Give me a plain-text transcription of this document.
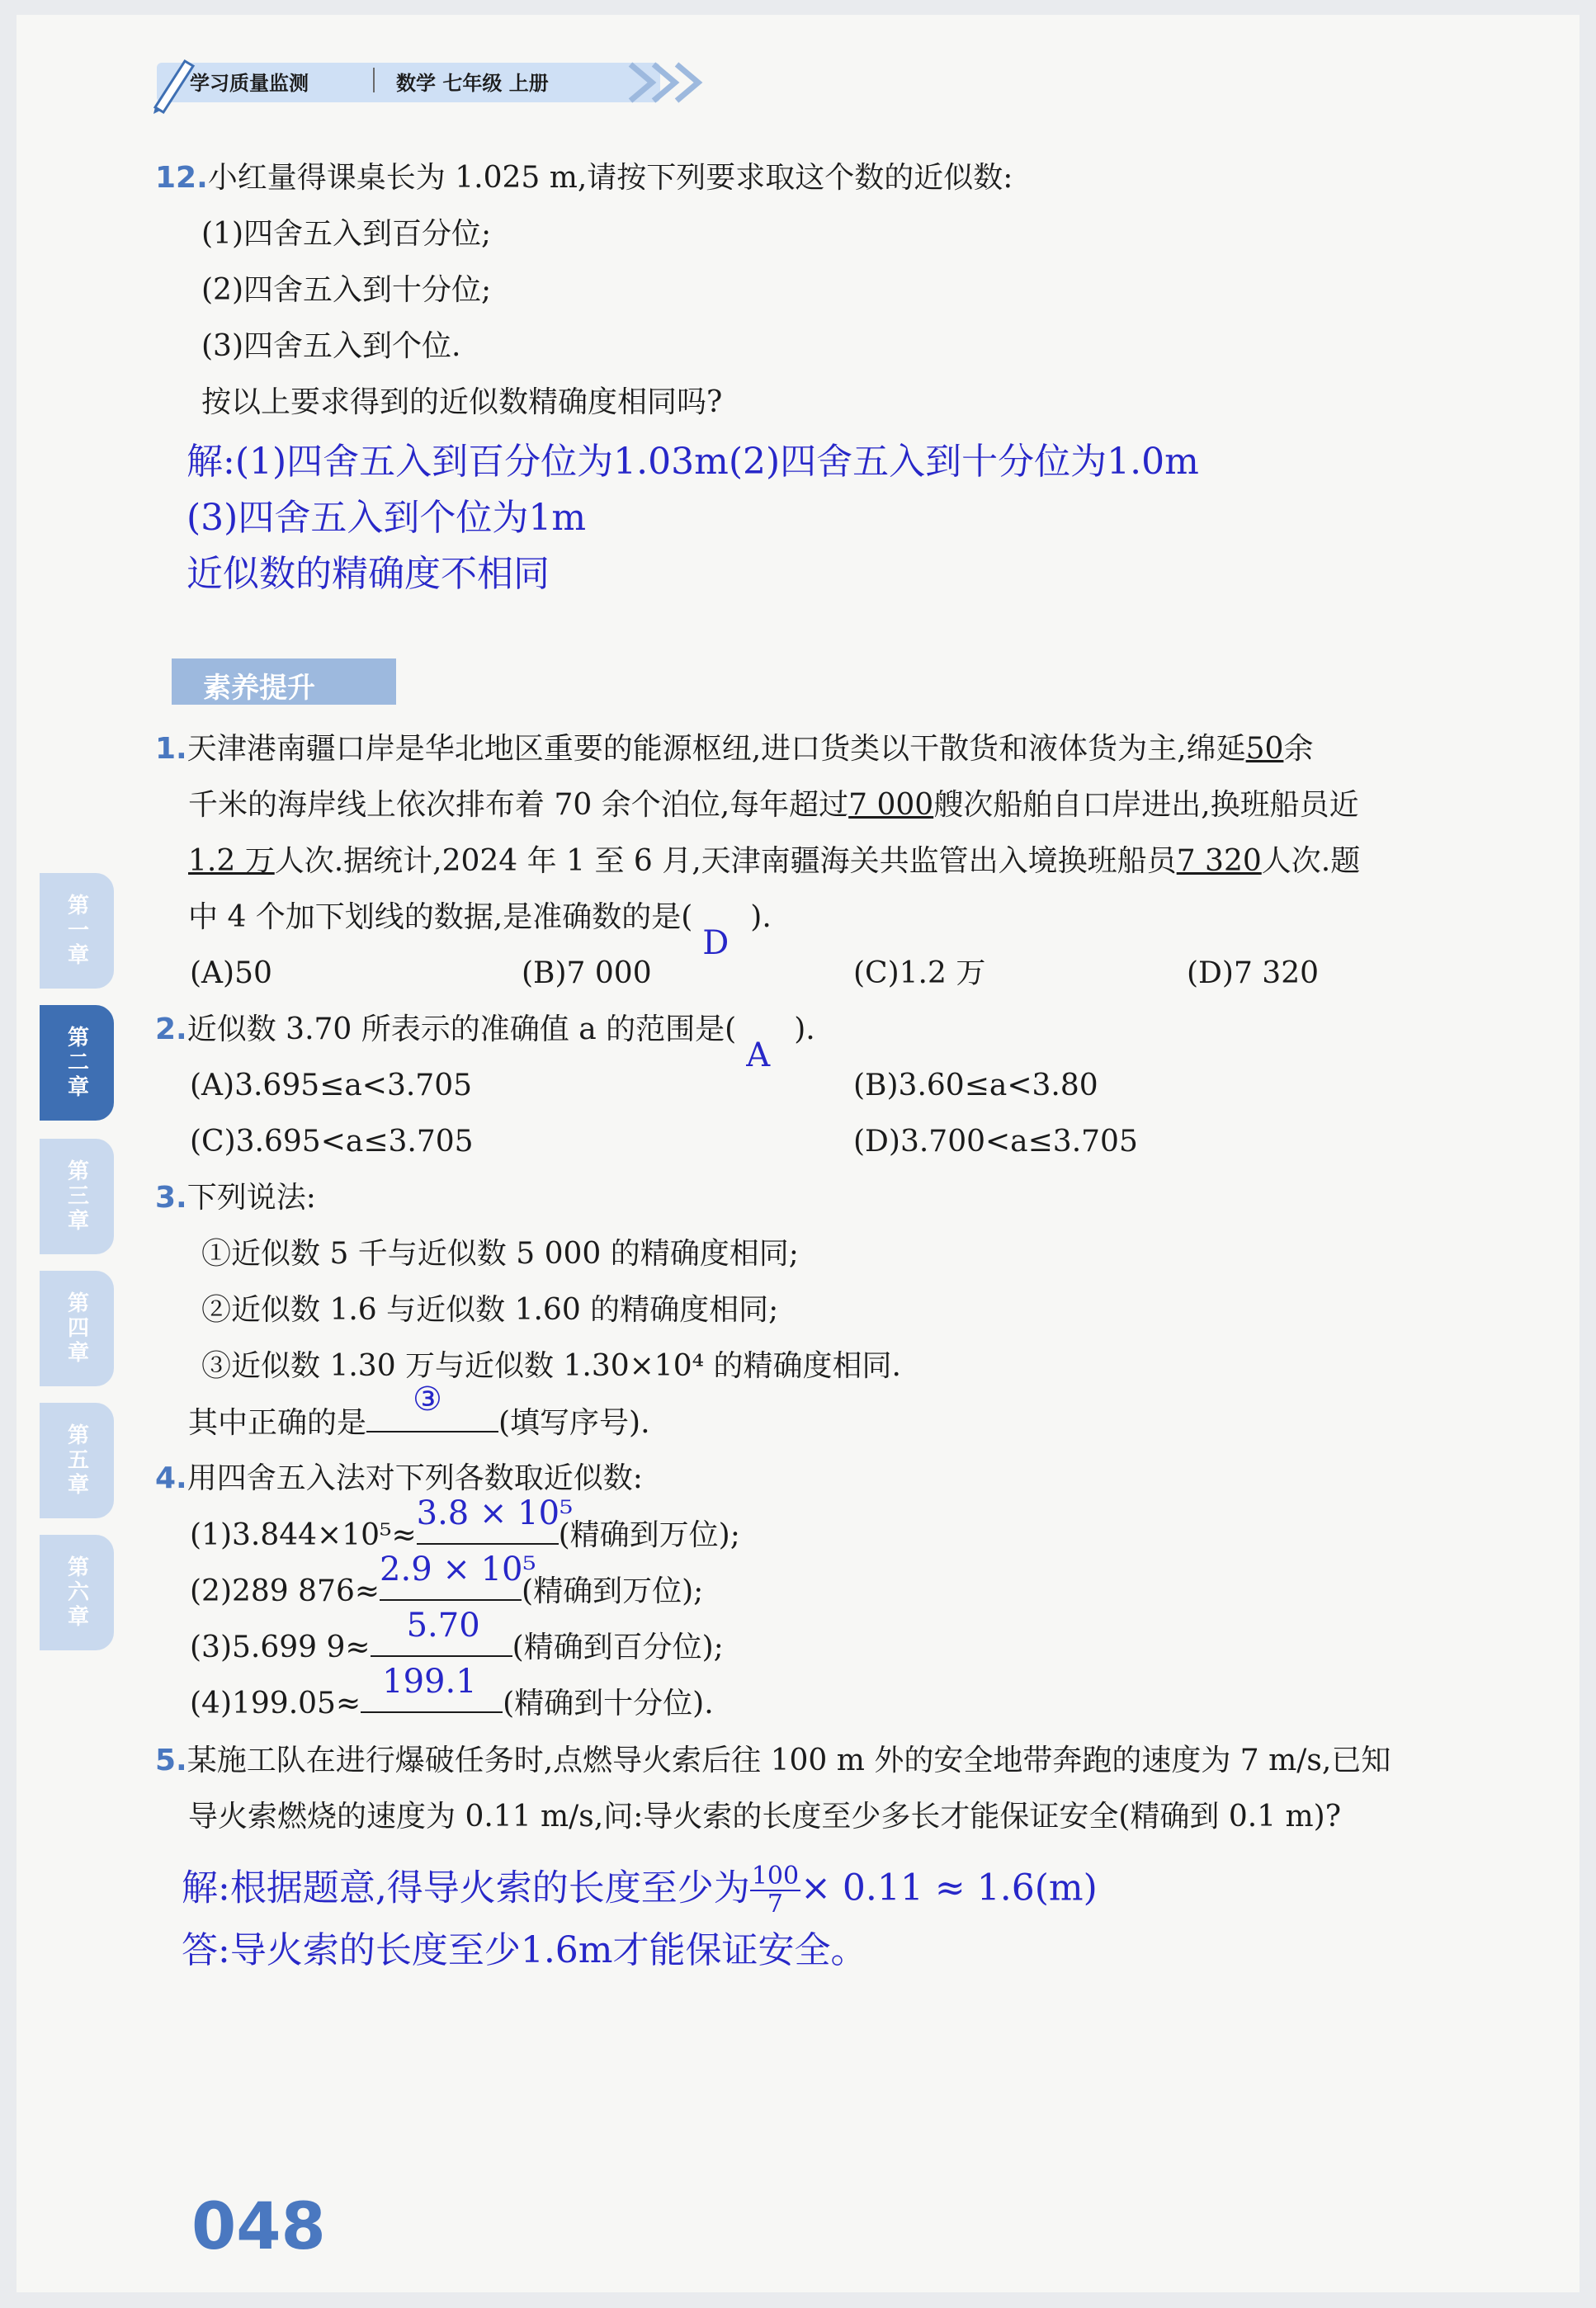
学习质量监测	数学 七年级 上册
第一章
第二章
第三章
第四章
第五章
第六章
12.小红量得课桌长为 1.025 m,请按下列要求取这个数的近似数:
(1)四舍五入到百分位;
(2)四舍五入到十分位;
(3)四舍五入到个位.
按以上要求得到的近似数精确度相同吗?
解:(1)四舍五入到百分位为1.03m(2)四舍五入到十分位为1.0m
(3)四舍五入到个位为1m
近似数的精确度不相同
素养提升
1.天津港南疆口岸是华北地区重要的能源枢纽,进口货类以干散货和液体货为主,绵延50余
千米的海岸线上依次排布着 70 余个泊位,每年超过7 000艘次船舶自口岸进出,换班船员近
1.2 万人次.据统计,2024 年 1 至 6 月,天津南疆海关共监管出入境换班船员7 320人次.题
中 4 个加下划线的数据,是准确数的是(
D
).
(A)50	(B)7 000	(C)1.2 万	(D)7 320
2.近似数 3.70 所表示的准确值 a 的范围是(
A
).
(A)3.695≤a<3.705	(B)3.60≤a<3.80
(C)3.695<a≤3.705	(D)3.700<a≤3.705
3.下列说法:
①近似数 5 千与近似数 5 000 的精确度相同;
②近似数 1.6 与近似数 1.60 的精确度相同;
③近似数 1.30 万与近似数 1.30×10⁴ 的精确度相同.
其中正确的是
③
(填写序号).
4.用四舍五入法对下列各数取近似数:
(1)3.844×10⁵≈
3.8 × 10⁵
(精确到万位);
(2)289 876≈
2.9 × 10⁵
(精确到万位);
(3)5.699 9≈
5.70
(精确到百分位);
(4)199.05≈
199.1
(精确到十分位).
5.某施工队在进行爆破任务时,点燃导火索后往 100 m 外的安全地带奔跑的速度为 7 m/s,已知
导火索燃烧的速度为 0.11 m/s,问:导火索的长度至少多长才能保证安全(精确到 0.1 m)?
解:根据题意,得导火索的长度至少为 $\frac{100}{7} \times 0.11 \approx 1.6(m)$
答:导火索的长度至少1.6m才能保证安全。
048
